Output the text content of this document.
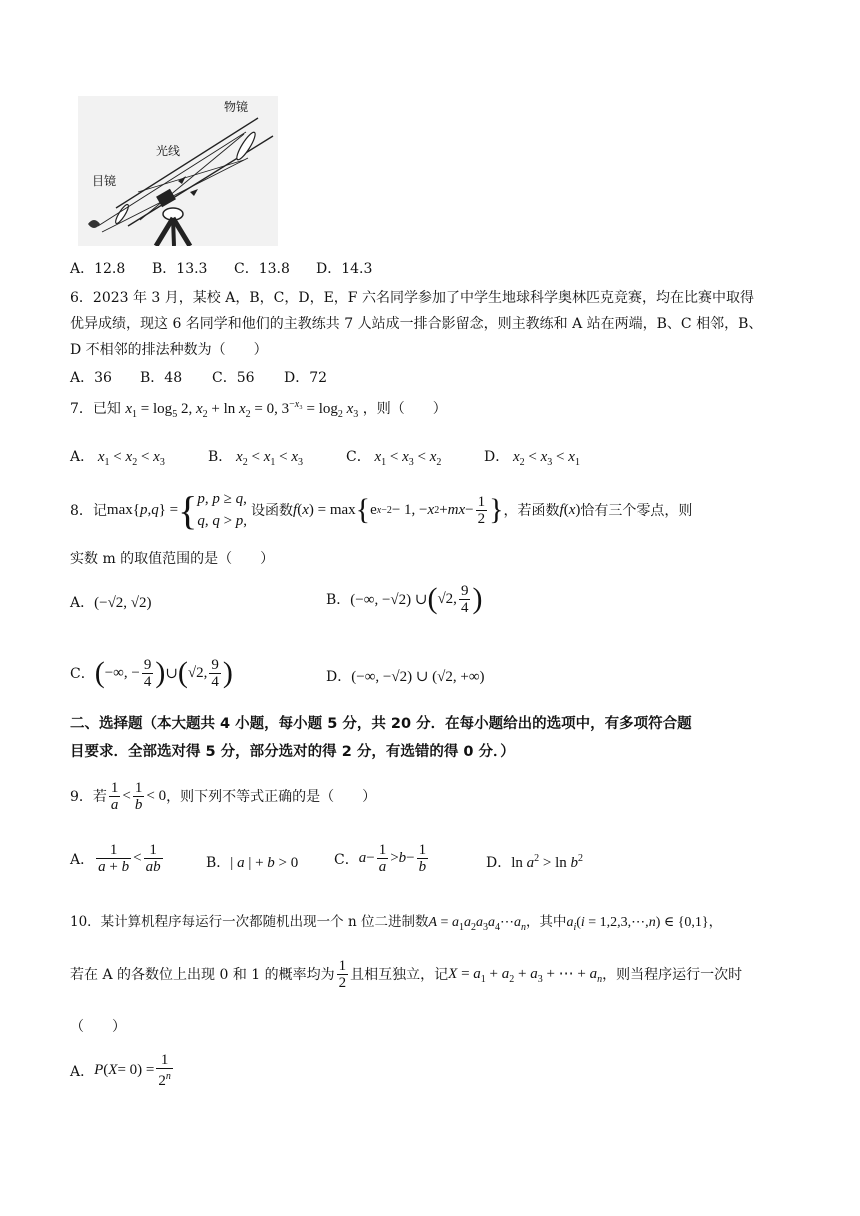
物镜
光线
目镜
A．12.8 B．13.3 C．13.8 D．14.3
6．2023 年 3 月，某校 A，B，C，D，E，F 六名同学参加了中学生地球科学奥林匹克竞赛，均在比赛中取得
优异成绩，现这 6 名同学和他们的主教练共 7 人站成一排合影留念，则主教练和 A 站在两端，B、C 相邻，B、
D 不相邻的排法种数为（　　）
A．36 B．48 C．56 D．72
7．已知 $x_1 = \log_5 2$, $x_2 + \ln x_2 = 0$, $3^{-x_3} = \log_2 x_3$ ，则（　　）
A． $x_1 < x_2 < x_3$	B． $x_2 < x_1 < x_3$	C． $x_1 < x_3 < x_2$	D． $x_2 < x_3 < x_1$
8．记 max{ p , q } = { p, p ≥ q,
q, q > p,
设函数 f ( x ) = max { e x−2 − 1, − x 2 + mx − $\frac{1}{2}$ } ，若函数 f(x) 恰有三个零点，则
实数 m 的取值范围的是（　　）
A．(−√2, √2)	B． (−∞, −√2) ∪ ( √2, $\frac{9}{4}$ )
C． ( −∞, − $\frac{9}{4}$ ) ∪ ( √2, $\frac{9}{4}$ )	D．(−∞, −√2) ∪ (√2, +∞)
二、选择题（本大题共 4 小题，每小题 5 分，共 20 分．在每小题给出的选项中，有多项符合题
目要求．全部选对得 5 分，部分选对的得 2 分，有选错的得 0 分．）
9．若 $\frac{1}{a} < \frac{1}{b} < 0$ ，则下列不等式正确的是（　　）
A． $\frac{1}{a + b} < \frac{1}{ab}$	B．| a | + b > 0	C． $a - \frac{1}{a} > b - \frac{1}{b}$	D．$\ln a^2 > \ln b^2$
10．某计算机程序每运行一次都随机出现一个 n 位二进制数$A = a_1a_2a_3a_4\cdots a_n$，其中$a_i(i$ = 1,2,3,⋯,n) ∈ {0,1}，
若在 A 的各数位上出现 0 和 1 的概率均为 $\frac{1}{2}$ 且相互独立，记 $X = a_1 + a_2 + a_3$ + ⋯ + $a_n$ ，则当程序运行一次时
（　　）
A． P ( $X = 0) = \frac{1}{2^n}$
